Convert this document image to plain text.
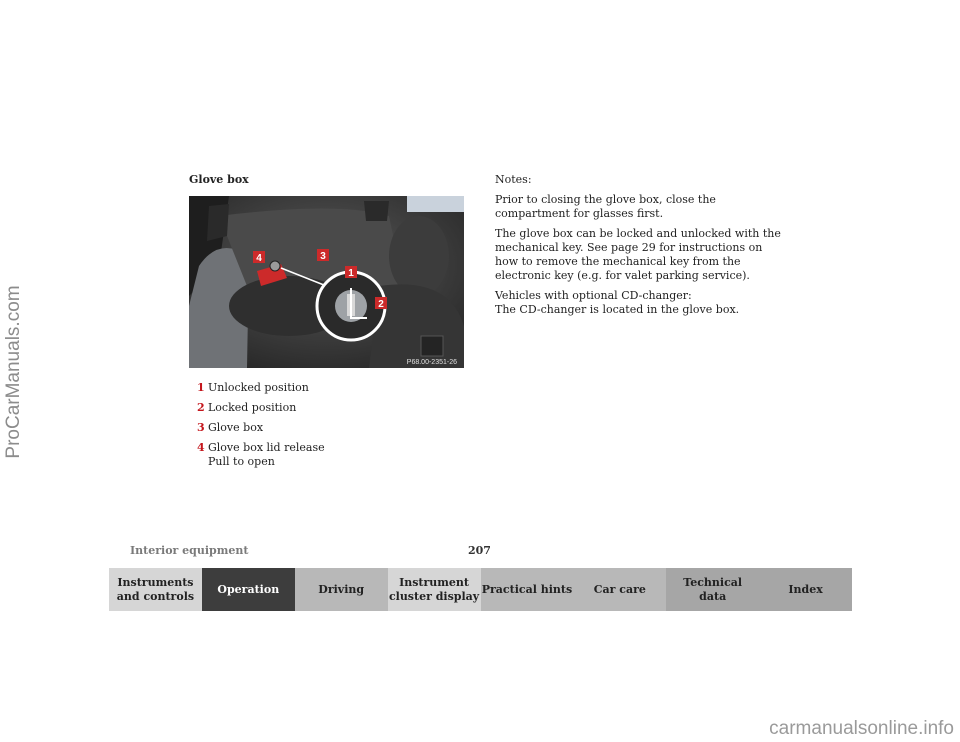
ProCarManuals.com
Glove box
4	3
1
2
P68.00-2351-26
1 Unlocked position
2 Locked position
3 Glove box
4 Glove box lid release
Pull to open

Notes:

Prior to closing the glove box, close the compartment for glasses first.

The glove box can be locked and unlocked with the mechanical key. See page 29 for instructions on how to remove the mechanical key from the electronic key (e.g. for valet parking service).

Vehicles with optional CD-changer:
The CD-changer is located in the glove box.

Interior equipment	207
Instruments
and controls
Operation	Driving
Instrument
cluster display
Practical hints	Car care
Technical
data
Index
carmanualsonline.info
